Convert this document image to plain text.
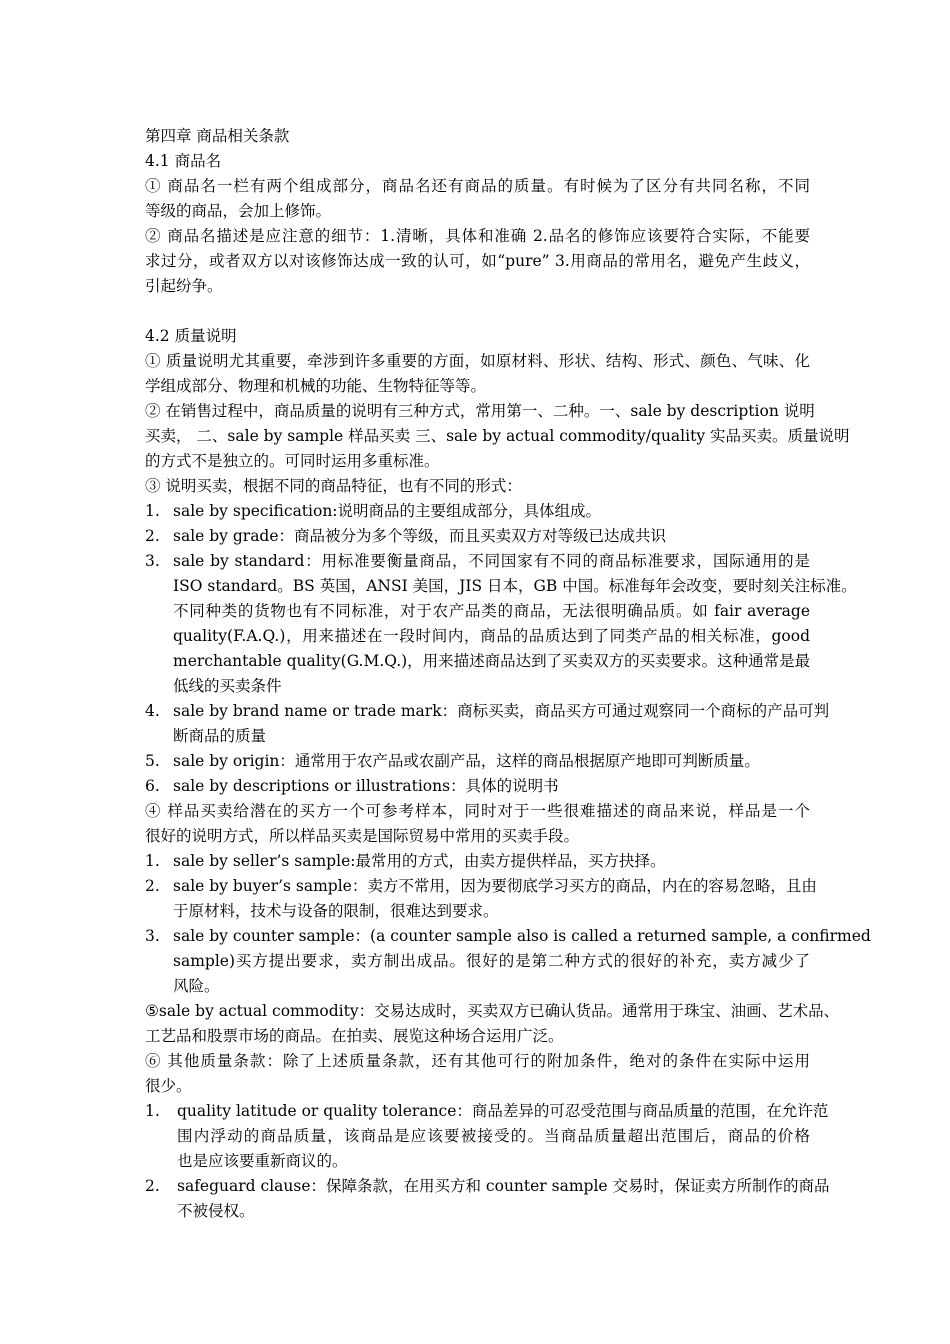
第四章 商品相关条款
4.1 商品名
① 商品名一栏有两个组成部分，商品名还有商品的质量。有时候为了区分有共同名称，不同
等级的商品，会加上修饰。
② 商品名描述是应注意的细节：1.清晰，具体和准确 2.品名的修饰应该要符合实际，不能要
求过分，或者双方以对该修饰达成一致的认可，如“pure” 3.用商品的常用名，避免产生歧义，
引起纷争。
4.2 质量说明
① 质量说明尤其重要，牵涉到许多重要的方面，如原材料、形状、结构、形式、颜色、气味、化
学组成部分、物理和机械的功能、生物特征等等。
② 在销售过程中，商品质量的说明有三种方式，常用第一、二种。一、sale by description 说明
买卖， 二、sale by sample 样品买卖 三、sale by actual commodity/quality 实品买卖。质量说明
的方式不是独立的。可同时运用多重标准。
③ 说明买卖，根据不同的商品特征，也有不同的形式：
1. sale by specification:说明商品的主要组成部分，具体组成。
2. sale by grade：商品被分为多个等级，而且买卖双方对等级已达成共识
3. sale by standard：用标准要衡量商品，不同国家有不同的商品标准要求，国际通用的是
ISO standard。BS 英国，ANSI 美国，JIS 日本，GB 中国。标准每年会改变，要时刻关注标准。
不同种类的货物也有不同标准，对于农产品类的商品，无法很明确品质。如 fair average
quality(F.A.Q.)，用来描述在一段时间内，商品的品质达到了同类产品的相关标准，good
merchantable quality(G.M.Q.)，用来描述商品达到了买卖双方的买卖要求。这种通常是最
低线的买卖条件
4. sale by brand name or trade mark：商标买卖，商品买方可通过观察同一个商标的产品可判
断商品的质量
5. sale by origin：通常用于农产品或农副产品，这样的商品根据原产地即可判断质量。
6. sale by descriptions or illustrations：具体的说明书
④ 样品买卖给潜在的买方一个可参考样本，同时对于一些很难描述的商品来说，样品是一个
很好的说明方式，所以样品买卖是国际贸易中常用的买卖手段。
1. sale by seller’s sample:最常用的方式，由卖方提供样品，买方抉择。
2. sale by buyer’s sample：卖方不常用，因为要彻底学习买方的商品，内在的容易忽略，且由
于原材料，技术与设备的限制，很难达到要求。
3. sale by counter sample：(a counter sample also is called a returned sample, a confirmed
sample)买方提出要求，卖方制出成品。很好的是第二种方式的很好的补充，卖方减少了
风险。
⑤sale by actual commodity：交易达成时，买卖双方已确认货品。通常用于珠宝、油画、艺术品、
工艺品和股票市场的商品。在拍卖、展览这种场合运用广泛。
⑥ 其他质量条款：除了上述质量条款，还有其他可行的附加条件，绝对的条件在实际中运用
很少。
1. quality latitude or quality tolerance：商品差异的可忍受范围与商品质量的范围，在允许范
围内浮动的商品质量，该商品是应该要被接受的。当商品质量超出范围后，商品的价格
也是应该要重新商议的。
2. safeguard clause：保障条款，在用买方和 counter sample 交易时，保证卖方所制作的商品
不被侵权。
